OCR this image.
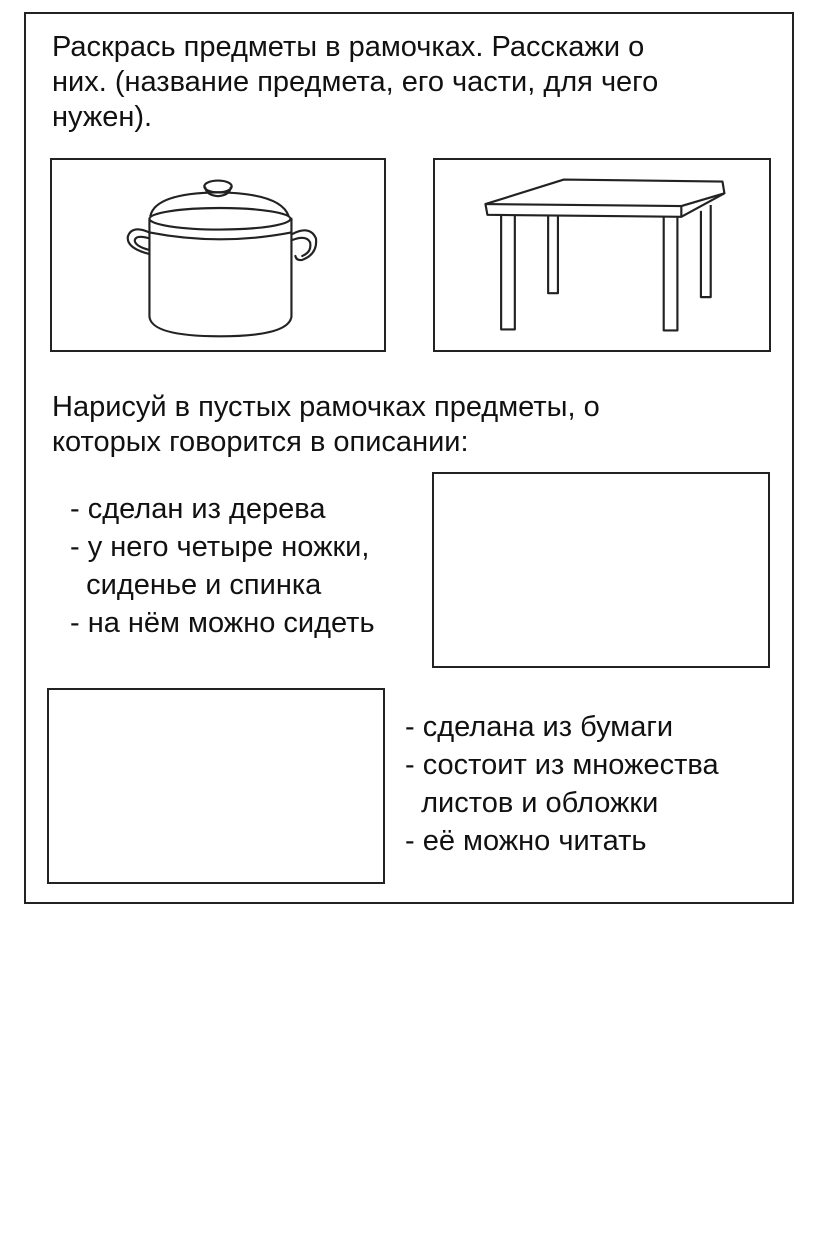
Раскрась предметы в рамочках. Расскажи о
них. (название предмета, его части, для чего
нужен).
Нарисуй в пустых рамочках предметы, о
которых говорится в описании:
- сделан из дерева
- у него четыре ножки,
сиденье и спинка
- на нём можно сидеть
- сделана из бумаги
- состоит из множества
листов и обложки
- её можно читать
